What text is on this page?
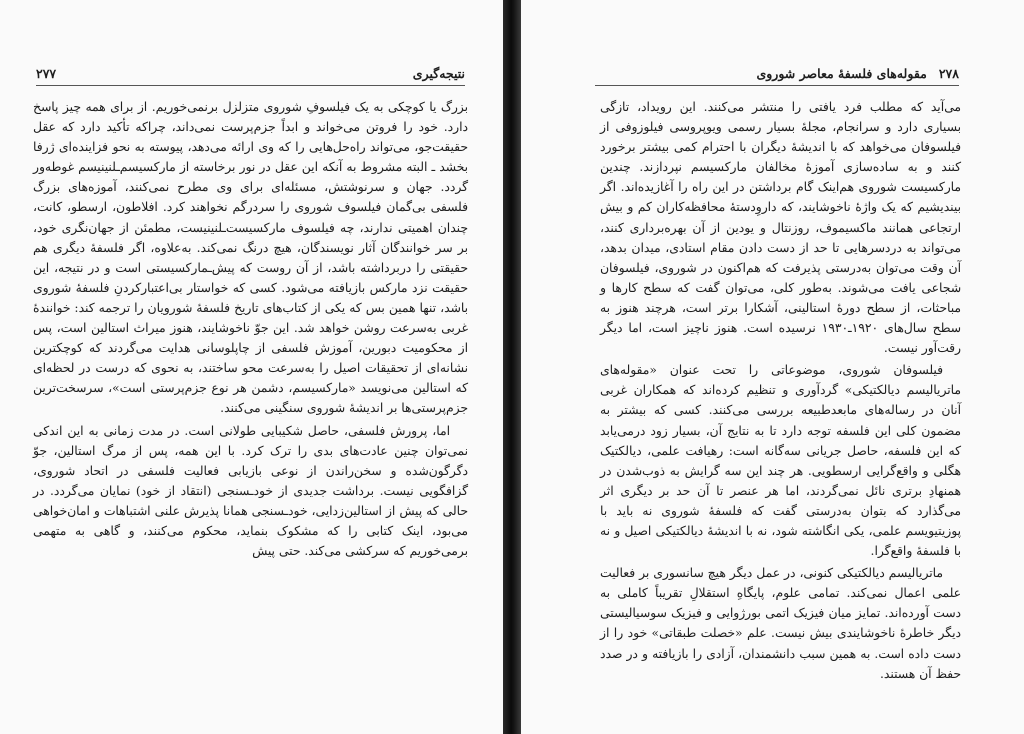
نتیجه‌گیری
۲۷۷

بزرگ یا کوچکی به یک فیلسوفِ شوروی متزلزل برنمی‌خوریم. از برای همه چیز پاسخ دارد. خود را فروتن می‌خواند و ابداً جزم‌پرست نمی‌داند، چراکه تأکید دارد که عقل حقیقت‌جو، می‌تواند راه‌حل‌هایی را که وی ارائه می‌دهد، پیوسته به نحو فزاینده‌ای ژرفا بخشد ـ البته مشروط به آنکه این عقل در نور برخاسته از مارکسیسم‌ـلنینیسم غوطه‌ور گردد. جهان و سرنوشتش، مسئله‌ای برای وی مطرح نمی‌کنند، آموزه‌های بزرگ فلسفی بی‌گمان فیلسوف شوروی را سردرگم نخواهند کرد. افلاطون، ارسطو، کانت، چندان اهمیتی ندارند، چه فیلسوف مارکسیست‌ـلنینیست، مطمئن از جهان‌نگری خود، بر سر خوانندگان آثار نویسندگان، هیچ درنگ نمی‌کند. به‌علاوه، اگر فلسفهٔ دیگری هم حقیقتی را دربرداشته باشد، از آن روست که پیش‌ـمارکسیستی است و در نتیجه، این حقیقت نزد مارکس بازیافته می‌شود. کسی که خواستار بی‌اعتبارکردنِ فلسفهٔ شوروی باشد، تنها همین بس که یکی از کتاب‌های تاریخ فلسفهٔ شورویان را ترجمه کند: خوانندهٔ غربی به‌سرعت روشن خواهد شد. این جوّ ناخوشایند، هنوز میراث استالین است، پس از محکومیت دبورین، آموزش فلسفی از چاپلوسانی هدایت می‌گردند که کوچکترین نشانه‌ای از تحقیقات اصیل را به‌سرعت محو ساختند، به نحوی که درست در لحظه‌ای که استالین می‌نویسد «مارکسیسم، دشمن هر نوع جزم‌پرستی است»، سرسخت‌ترین جزم‌پرستی‌ها بر اندیشهٔ شوروی سنگینی می‌کنند.

اما، پرورش فلسفی، حاصل شکیبایی طولانی است. در مدت زمانی به این اندکی نمی‌توان چنین عادت‌های بدی را ترک کرد. با این همه، پس از مرگ استالین، جوّ دگرگون‌شده و سخن‌راندن از نوعی بازیابی فعالیت فلسفی در اتحاد شوروی، گزافگویی نیست. برداشت جدیدی از خود‌ـسنجی (انتقاد از خود) نمایان می‌گردد. در حالی که پیش از استالین‌زدایی، خود‌ـسنجی همانا پذیرش علنی اشتباهات و امان‌خواهی می‌بود، اینک کتابی را که مشکوک بنماید، محکوم می‌کنند، و گاهی به متهمی برمی‌خوریم که سرکشی می‌کند. حتی پیش

۲۷۸
مقوله‌های فلسفهٔ معاصر شوروی

می‌آید که مطلب فرد یافتی را منتشر می‌کنند. این رویداد، تازگی بسیاری دارد و سرانجام، مجلهٔ بسیار رسمی ویوپروسی فیلوزوفی از فیلسوفان می‌خواهد که با اندیشهٔ دیگران با احترام کمی بیشتر برخورد کنند و به ساده‌سازی آموزهٔ مخالفان مارکسیسم نپردازند. چندین مارکسیست شوروی هم‌اینک گام برداشتن در این راه را آغازیده‌اند. اگر بیندیشیم که یک واژهٔ ناخوشایند، که داروِدستهٔ محافظه‌کاران کم و بیش ارتجاعی همانند ماکسیموف، روزنتال و یودین از آن بهره‌برداری کنند، می‌تواند به دردسرهایی تا حد از دست دادن مقام استادی، میدان بدهد، آن وقت می‌توان به‌درستی پذیرفت که هم‌اکنون در شوروی، فیلسوفان شجاعی یافت می‌شوند. به‌طور کلی، می‌توان گفت که سطح کارها و مباحثات، از سطح دورهٔ استالینی، آشکارا برتر است، هرچند هنوز به سطح سال‌های ۱۹۲۰ـ۱۹۳۰ نرسیده است. هنوز ناچیز است، اما دیگر رقت‌آور نیست.

فیلسوفان شوروی، موضوعاتی را تحت عنوان «مقوله‌های ماتریالیسم دیالکتیکی» گردآوری و تنظیم کرده‌اند که همکاران غربی آنان در رساله‌های مابعدطبیعه بررسی می‌کنند. کسی که بیشتر به مضمون کلی این فلسفه توجه دارد تا به نتایج آن، بسیار زود درمی‌یابد که این فلسفه، حاصل جریانی سه‌گانه است: رهیافت علمی، دیالکتیک هگلی و واقع‌گرایی ارسطویی. هر چند این سه گرایش به ذوب‌شدن در همنهادِ برتری نائل نمی‌گردند، اما هر عنصر تا آن حد بر دیگری اثر می‌گذارد که بتوان به‌درستی گفت که فلسفهٔ شوروی نه باید با پوزیتیویسم علمی، یکی انگاشته شود، نه با اندیشهٔ دیالکتیکی اصیل و نه با فلسفهٔ واقع‌گرا.

ماتریالیسم دیالکتیکی کنونی، در عمل دیگر هیچ سانسوری بر فعالیت علمی اعمال نمی‌کند. تمامی علوم، پایگاهِ استقلالِ تقریباً کاملی به دست آورده‌اند. تمایز میان فیزیک اتمی بورژوایی و فیزیک سوسیالیستی دیگر خاطرهٔ ناخوشایندی بیش نیست. علم «خصلت طبقاتی» خود را از دست داده است. به همین سبب دانشمندان، آزادی را بازیافته و در صدد حفظ آن هستند.
